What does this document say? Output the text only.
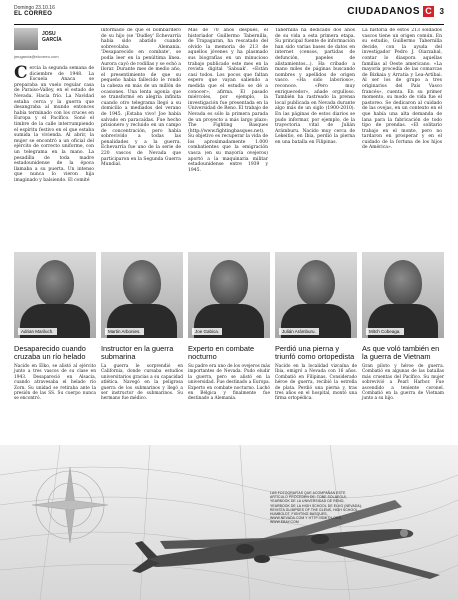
Domingo 23.10.16
EL CORREO	CIUDADANOS C 3
JOSU
GARCÍA
jmugarcia@elcorreo.com

Cercia la segunda semana de diciembre de 1948. La Escuela Anaca se preparaba un vuelo regular casa de Paraíso-Valley, en el estado de Nevada. Hacía frío. La Navidad estaba cerca y la guerra que desangraba al mundo entonces había terminado con los cruces en Europa y el Pacífico. Sonó el timbre de la calle interrumpiendo el espíritu festivo en el que estaba sumida la vivienda. Al abrir, la mujer se encontró a un oficial del ejército de correcto uniforme, con un telegrama en la mano. La pesadilla de toda madre estadounidense de la época llamaba a su puerta. Un intenso que nunca lo vieron hija imaginado y balsiendo. El comité

informado de que el bombardero de su hijo (se 'Dudley' Echevarría había sido abatido cuando sobrevolaba Alemania. 'Desaparecido en combate', se podía leer en la penúltima línea. Aurora cayó de rodillas y se echó a llorar. Durante mes de medio año, el presentimiento de que su pequeño había fallecido le rondó la cabeza en más de un millón de ocasiones. Una lenta agonía que se transformó en alegría infinita cuando otro telegrama llegó a su domicilio a mediados del verano de 1945. ¡Estaba vivo! Joe había salvado en paracaídas. Fue hecho prisionero y recluido en un campo de concentración, pero había sobrevivido a todas las penalidades y a la guerra. Echevarría fue uno de la serie de 220 vascos de Nevada que participaron en la Segunda Guerra Mundial.

Más de 70 años después, el historiador Guillermo Tabernilla, de Trapagaran, ha rescatado del olvido la memoria de 213 de aquellos jóvenes y ha plasmado sus biografías en un minucioso trabajo publicado este mes en la revista digital 'Sabuak'. «Están casi todos. Los pocos que faltan espero que vayan saliendo a medida que el estudio se dé a conocer», afirma. El pasado miércoles, por ejemplo, la investigación fue presentada en la Universidad de Reno. El trabajo de Nevada es sólo la primera parada de un proyecto a más largo plazo: The Fighting Basques (http://www.fightingbasques.net). Su objetivo es recuperar la vida de los aproximadamente 1.000 combatientes que la emigración vasca (en su mayoría ovejeros) aportó a la maquinaria militar estadounidense entre 1939 y 1945.

Tabernilla ha dedicado dos años de su vida a esta primera etapa. Su principal fuente de información han sido varias bases de datos en internet (censos, partidas de defunción, papeles de alistamientos...). Ha cribado a mano miles de páginas buscando nombres y apellidos de origen vasco. «Ha sido laborioso», reconoce. «Pero muy enriquecedor», añade orgulloso. También ha rastreado la prensa local publicada en Nevada durante algo más de un siglo (1900-2010). En las páginas de estos diarios se pudo informar, por ejemplo, de la trayectoria vital de Julián Arámburu. Nacido muy cerca de Lekeitio, en Ibia, perdió la pierna en una batalla en Filipinas.

La historia de estos 213 soldados vascos tiene un origen común. En su estudio, Guillermo Tabernilla decide, con la ayuda del investigador Pedro J. Oiarzabal, contar lo diaspora aquellas familias al Oeste americano. «La mayoría procedía de las comarcas de Bizkaia y Arratia y Lea-Artibai. Al ser los de grupo a tres originarios del País Vasco francés», cuenta. En su primer momento, su modo de vida fue el pastoreo. Se dedicaron al cuidado de las ovejas, en un contexto en el que había una alta demanda de lana para la fabricación de todo tipo de prendas. «El solitario trabajo en el monte, pero no tardaron en prosperar y en el cuidado de la fortuna de los hijos de América».

Adrian Mariluch.	Martin Arbonies.	Joe Gabica.	Julián Arámburu.	Mitch Cobeaga.
Desaparecido cuando cruzaba un río helado

Nacido en Elko, se alistó al ejército junto a tres vascos de su clase en 1943. Desapareció en Alsacia, cuando atravesaba el helado río Zorn. Su unidad se retiraba ante la presión de las SS. Su cuerpo nunca se encontró.

Instructor en la guerra submarina

La guerra le sorprendió en California, donde cursaba estudios universitarios gracias a su capacidad atlética. Navegó en la peligrosa guerra de los submarinos y llegó a ser instructor de submarinos. Su hermano fue médico.

Experto en combate nocturno

Su padre era uno de los ovejeros más importantes de Nevada. Pudo eludir la guerra, pero se alistó en la universidad. Fue destinado a Europa. Experto en combate nocturno. Luchó en Bélgica y finalmente fue destinado a Alemania.

Perdió una pierna y triunfó como ortopedista

Nacido en la localidad vizcaína de Ibia, emigró a Nevada con 16 años. Combatió en Filipinas. Considerado héroe de guerra, recibió la estrella de plata. Perdió una pierna y, tras tres años en el hospital, montó una firma ortopédica.

As que voló también en la guerra de Vietnam

Gran piloto y héroe de guerra. Combatió en algunas de las batallas más cruentas del Pacífico. Su mujer sobrevivió a Pearl Harbor. Fue ascendido a teniente coronel. Combatió en la guerra de Vietnam junto a su hijo.

LAS FOTOGRAFÍAS QUE ACOMPAÑAN ESTE ARTÍCULO PROCEDEN DE: TOBE SOLAEGUI, YEARBOOK DE LA UNIVERSIDAD DE RENO, YEARBOOK DE LA HIGH SCHOOL DE ELKO (NEVADA), REVISTA GLIMPSES OF THE GLENS, HIGH SCHOOL, HUMBOLDT, FIGHTING BASQUES, WWW.NEVADA.COM Y HTTP://SMITH-ORG, WWW.EBAY.COM
